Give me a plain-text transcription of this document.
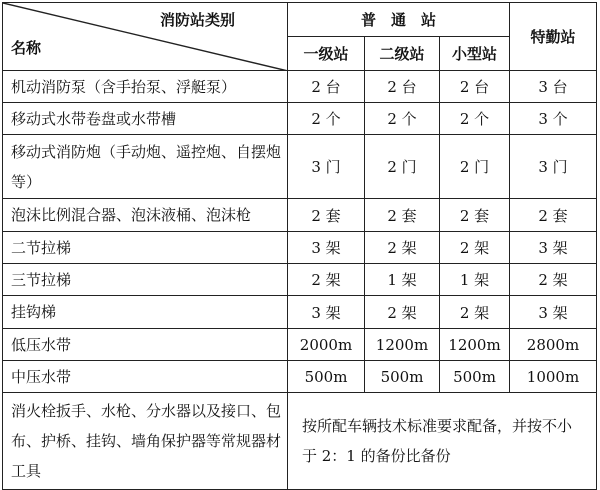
消防站类别
名称	普　通　站			特勤站
	一级站	二级站	小型站	
机动消防泵（含手抬泵、浮艇泵）	2 台	2 台	2 台	3 台
移动式水带卷盘或水带槽	2 个	2 个	2 个	3 个
移动式消防炮（手动炮、遥控炮、自摆炮等）	3 门	2 门	2 门	3 门
泡沫比例混合器、泡沫液桶、泡沫枪	2 套	2 套	2 套	2 套
二节拉梯	3 架	2 架	2 架	3 架
三节拉梯	2 架	1 架	1 架	2 架
挂钩梯	3 架	2 架	2 架	3 架
低压水带	2000m	1200m	1200m	2800m
中压水带	500m	500m	500m	1000m
消火栓扳手、水枪、分水器以及接口、包布、护桥、挂钩、墙角保护器等常规器材工具	按所配车辆技术标准要求配备，并按不小于 2：1 的备份比备份			
